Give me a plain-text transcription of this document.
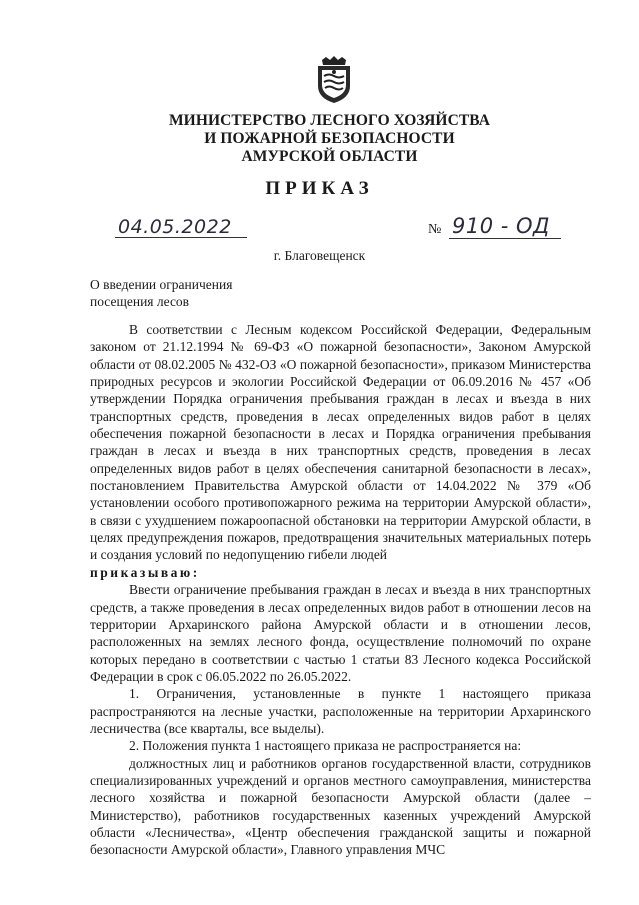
МИНИСТЕРСТВО ЛЕСНОГО ХОЗЯЙСТВА
И ПОЖАРНОЙ БЕЗОПАСНОСТИ
АМУРСКОЙ ОБЛАСТИ
ПРИКАЗ
04.05.2022	№ 910 - ОД
г. Благовещенск
О введении ограничения
посещения лесов

В соответствии с Лесным кодексом Российской Федерации, Федеральным законом от 21.12.1994 № 69-ФЗ «О пожарной безопасности», Законом Амурской области от 08.02.2005 № 432-ОЗ «О пожарной безопасности», приказом Министерства природных ресурсов и экологии Российской Федерации от 06.09.2016 № 457 «Об утверждении Порядка ограничения пребывания граждан в лесах и въезда в них транспортных средств, проведения в лесах определенных видов работ в целях обеспечения пожарной безопасности в лесах и Порядка ограничения пребывания граждан в лесах и въезда в них транспортных средств, проведения в лесах определенных видов работ в целях обеспечения санитарной безопасности в лесах», постановлением Правительства Амурской области от 14.04.2022 № 379 «Об установлении особого противопожарного режима на территории Амурской области», в связи с ухудшением пожароопасной обстановки на территории Амурской области, в целях предупреждения пожаров, предотвращения значительных материальных потерь и создания условий по недопущению гибели людей

приказываю:

Ввести ограничение пребывания граждан в лесах и въезда в них транспортных средств, а также проведения в лесах определенных видов работ в отношении лесов на территории Архаринского района Амурской области и в отношении лесов, расположенных на землях лесного фонда, осуществление полномочий по охране которых передано в соответствии с частью 1 статьи 83 Лесного кодекса Российской Федерации в срок с 06.05.2022 по 26.05.2022.

1. Ограничения, установленные в пункте 1 настоящего приказа распространяются на лесные участки, расположенные на территории Архаринского лесничества (все кварталы, все выделы).

2. Положения пункта 1 настоящего приказа не распространяется на:

должностных лиц и работников органов государственной власти, сотрудников специализированных учреждений и органов местного самоуправления, министерства лесного хозяйства и пожарной безопасности Амурской области (далее – Министерство), работников государственных казенных учреждений Амурской области «Лесничества», «Центр обеспечения гражданской защиты и пожарной безопасности Амурской области», Главного управления МЧС
